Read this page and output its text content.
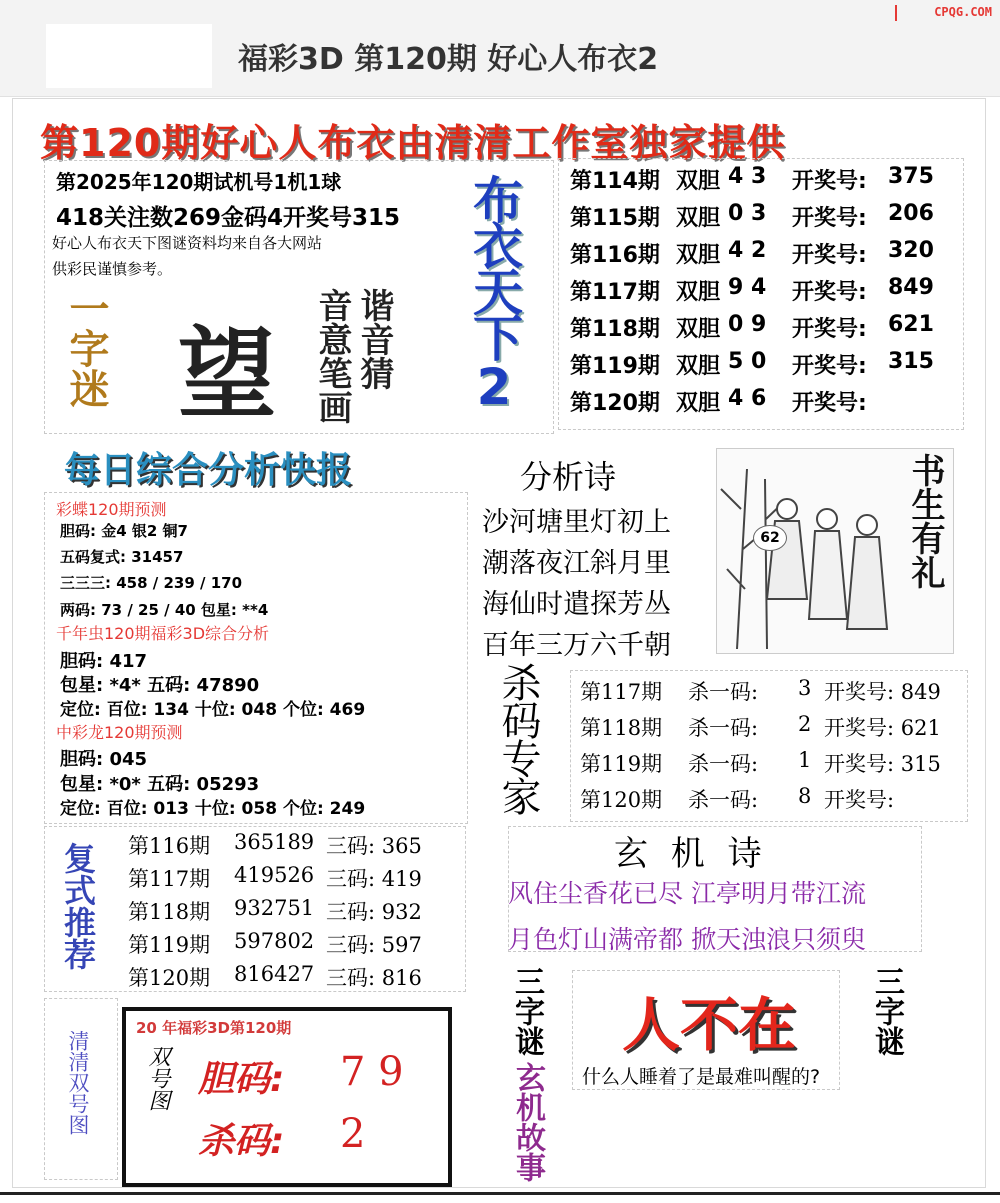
福彩3D 第120期 好心人布衣2
CPQG.COM
第120期好心人布衣由清清工作室独家提供
第2025年120期试机号1机1球
418关注数269金码4开奖号315
好心人布衣天下图谜资料均来自各大网站
供彩民谨慎参考。	布衣天下2
一字迷 望 谐音猜
音意笔画
第114期 双胆 4 3 开奖号: 375
第115期 双胆 0 3 开奖号: 206
第116期 双胆 4 2 开奖号: 320
第117期 双胆 9 4 开奖号: 849
第118期 双胆 0 9 开奖号: 621
第119期 双胆 5 0 开奖号: 315
第120期 双胆 4 6 开奖号:
每日综合分析快报
彩蝶120期预测
胆码: 金4 银2 铜7
五码复式: 31457
三三三: 458 / 239 / 170
两码: 73 / 25 / 40 包星: **4
千年虫120期福彩3D综合分析
胆码: 417
包星: *4* 五码: 47890
定位: 百位: 134 十位: 048 个位: 469
中彩龙120期预测
胆码: 045
包星: *0* 五码: 05293
定位: 百位: 013 十位: 058 个位: 249
分析诗
沙河塘里灯初上
潮落夜江斜月里
海仙时遣探芳丛
百年三万六千朝
62	书生有礼
杀码专家 第117期 杀一码: 3 开奖号: 849
第118期 杀一码: 2 开奖号: 621
第119期 杀一码: 1 开奖号: 315
第120期 杀一码: 8 开奖号:
复式推荐 第116期 365189 三码: 365
第117期 419526 三码: 419
第118期 932751 三码: 932
第119期 597802 三码: 597
第120期 816427 三码: 816
玄 机 诗
风住尘香花已尽 江亭明月带江流
月色灯山满帝都 掀天浊浪只须臾
清清双号图
20 年福彩3D第120期
双号图 胆码: 7 9
杀码: 2
三字谜
玄机故事
人不在
什么人睡着了是最难叫醒的?
三字谜
